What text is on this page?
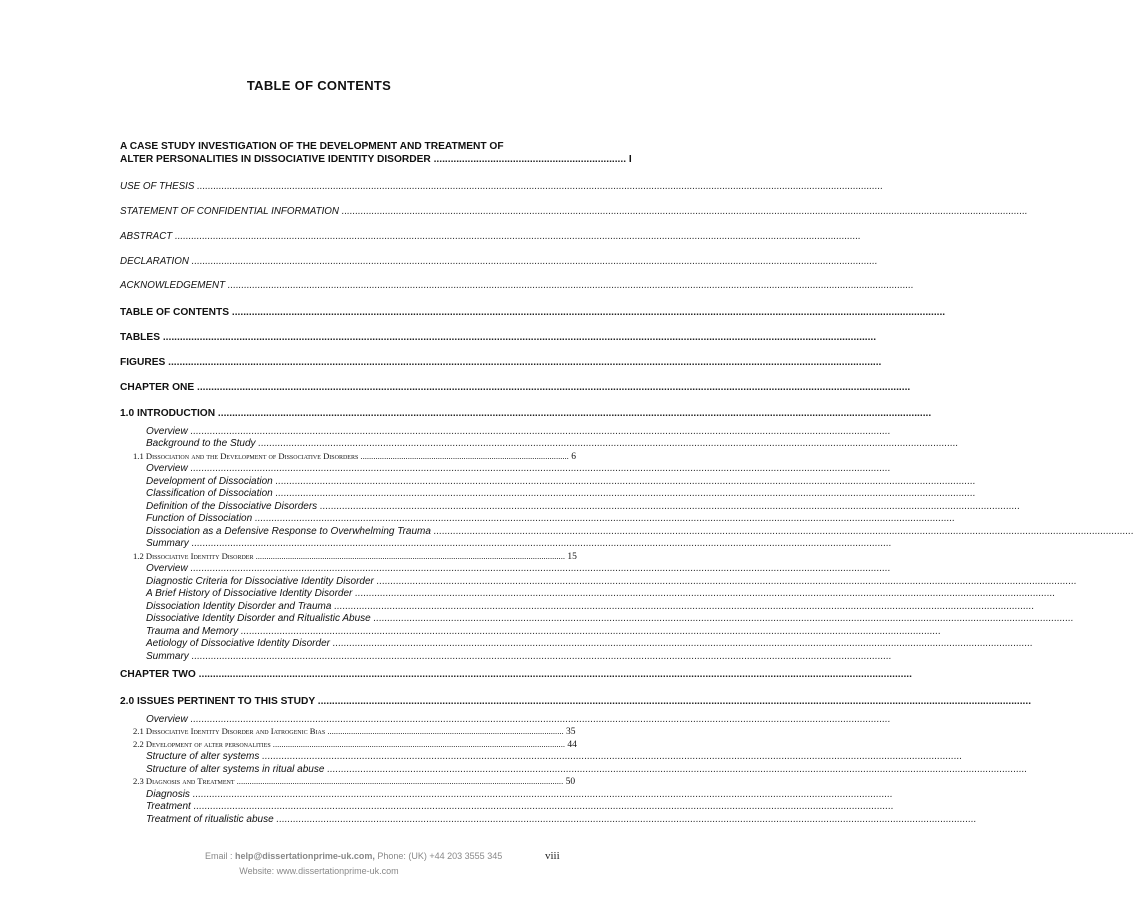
TABLE OF CONTENTS
A CASE STUDY INVESTIGATION OF THE DEVELOPMENT AND TREATMENT OF
ALTER PERSONALITIES IN DISSOCIATIVE IDENTITY DISORDER .................................................................... I
USE OF THESIS ............................................................................................................................................................................................................................................................
STATEMENT OF CONFIDENTIAL INFORMATION ............................................................................................................................................................................................................................................................
ABSTRACT ............................................................................................................................................................................................................................................................
DECLARATION ............................................................................................................................................................................................................................................................
ACKNOWLEDGEMENT ............................................................................................................................................................................................................................................................
TABLE OF CONTENTS ............................................................................................................................................................................................................................................................
TABLES ............................................................................................................................................................................................................................................................
FIGURES ............................................................................................................................................................................................................................................................
CHAPTER ONE ............................................................................................................................................................................................................................................................
1.0 INTRODUCTION ............................................................................................................................................................................................................................................................
Overview ............................................................................................................................................................................................................................................................
Background to the Study ............................................................................................................................................................................................................................................................
1.1 Dissociation and the Development of Dissociative Disorders ................................................................................................. 6
Overview ............................................................................................................................................................................................................................................................
Development of Dissociation ............................................................................................................................................................................................................................................................
Classification of Dissociation ............................................................................................................................................................................................................................................................
Definition of the Dissociative Disorders ............................................................................................................................................................................................................................................................
Function of Dissociation ............................................................................................................................................................................................................................................................
Dissociation as a Defensive Response to Overwhelming Trauma ............................................................................................................................................................................................................................................................
Summary ............................................................................................................................................................................................................................................................
1.2 Dissociative Identity Disorder ................................................................................................................................................ 15
Overview ............................................................................................................................................................................................................................................................
Diagnostic Criteria for Dissociative Identity Disorder ............................................................................................................................................................................................................................................................
A Brief History of Dissociative Identity Disorder ............................................................................................................................................................................................................................................................
Dissociation Identity Disorder and Trauma ............................................................................................................................................................................................................................................................
Dissociative Identity Disorder and Ritualistic Abuse ............................................................................................................................................................................................................................................................
Trauma and Memory ............................................................................................................................................................................................................................................................
Aetiology of Dissociative Identity Disorder ............................................................................................................................................................................................................................................................
Summary ............................................................................................................................................................................................................................................................
CHAPTER TWO ............................................................................................................................................................................................................................................................
2.0 ISSUES PERTINENT TO THIS STUDY ............................................................................................................................................................................................................................................................
Overview ............................................................................................................................................................................................................................................................
2.1 Dissociative Identity Disorder and Iatrogenic Bias .............................................................................................................. 35
2.2 Development of alter personalities ........................................................................................................................................ 44
Structure of alter systems ............................................................................................................................................................................................................................................................
Structure of alter systems in ritual abuse ............................................................................................................................................................................................................................................................
2.3 Diagnosis and Treatment ........................................................................................................................................................ 50
Diagnosis ............................................................................................................................................................................................................................................................
Treatment ............................................................................................................................................................................................................................................................
Treatment of ritualistic abuse ............................................................................................................................................................................................................................................................
Email : help@dissertationprime-uk.com, Phone: (UK) +44 203 3555 345
Website: www.dissertationprime-uk.com
viii
